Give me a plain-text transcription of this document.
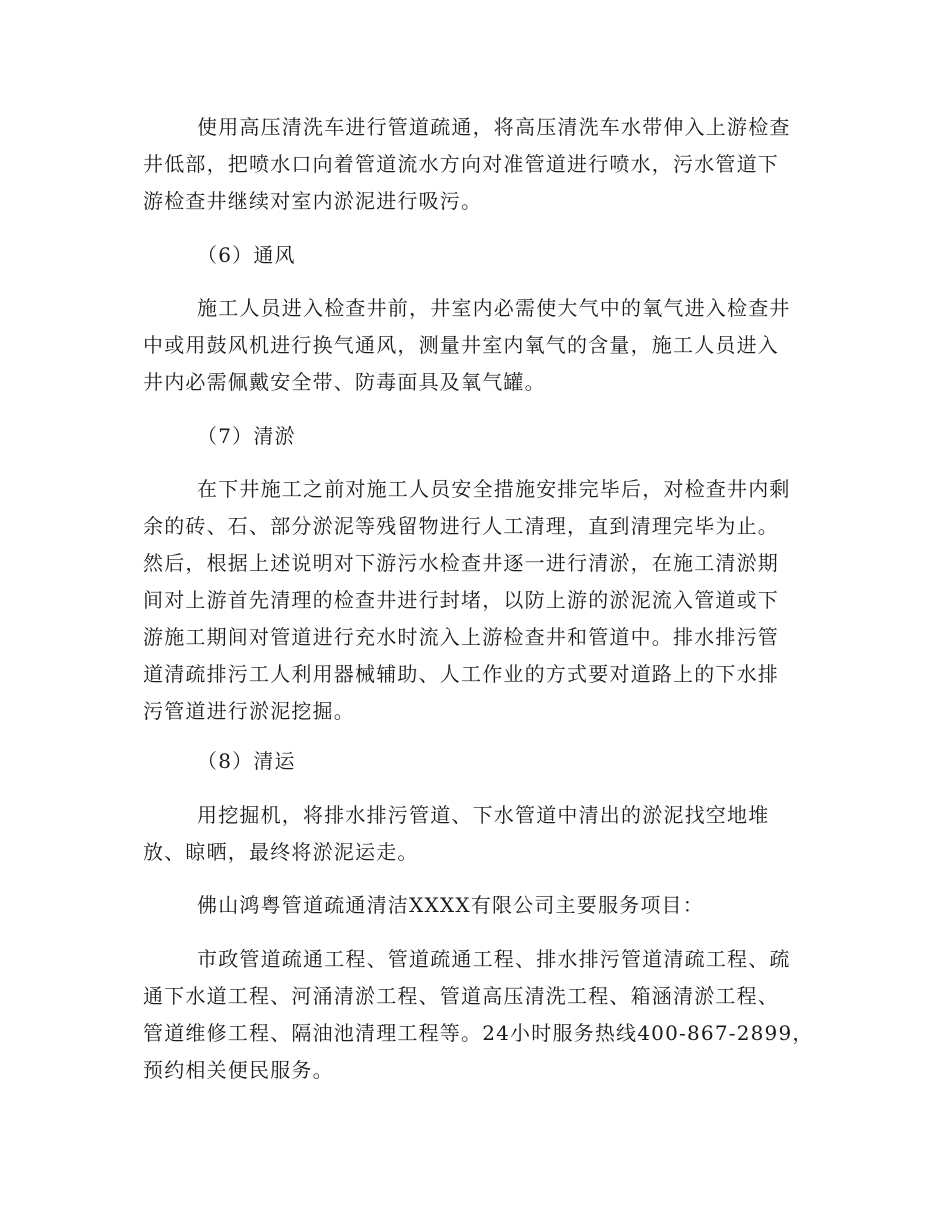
使用高压清洗车进行管道疏通，将高压清洗车水带伸入上游检查
井低部，把喷水口向着管道流水方向对准管道进行喷水，污水管道下
游检查井继续对室内淤泥进行吸污。
（6）通风
施工人员进入检查井前，井室内必需使大气中的氧气进入检查井
中或用鼓风机进行换气通风，测量井室内氧气的含量，施工人员进入
井内必需佩戴安全带、防毒面具及氧气罐。
（7）清淤
在下井施工之前对施工人员安全措施安排完毕后，对检查井内剩
余的砖、石、部分淤泥等残留物进行人工清理，直到清理完毕为止。
然后，根据上述说明对下游污水检查井逐一进行清淤，在施工清淤期
间对上游首先清理的检查井进行封堵，以防上游的淤泥流入管道或下
游施工期间对管道进行充水时流入上游检查井和管道中。排水排污管
道清疏排污工人利用器械辅助、人工作业的方式要对道路上的下水排
污管道进行淤泥挖掘。
（8）清运
用挖掘机，将排水排污管道、下水管道中清出的淤泥找空地堆
放、晾晒，最终将淤泥运走。
佛山鸿粤管道疏通清洁XXXX有限公司主要服务项目：
市政管道疏通工程、管道疏通工程、排水排污管道清疏工程、疏
通下水道工程、河涌清淤工程、管道高压清洗工程、箱涵清淤工程、
管道维修工程、隔油池清理工程等。24小时服务热线400-867-2899，
预约相关便民服务。
